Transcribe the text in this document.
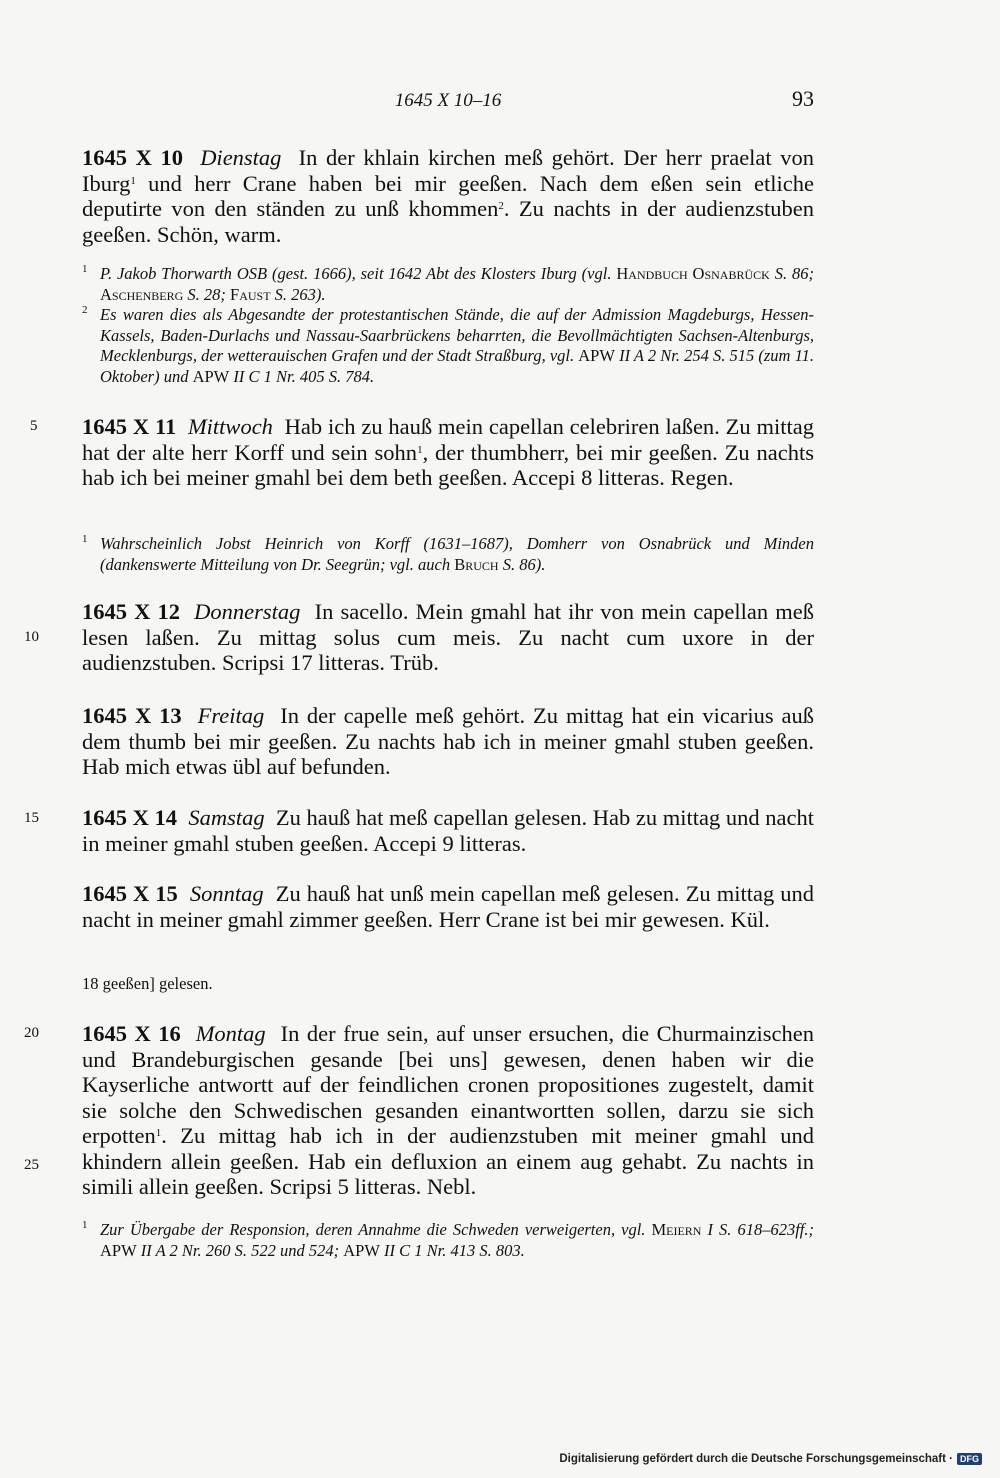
1645 X 10–16	93

1645 X 10 Dienstag In der khlain kirchen meß gehört. Der herr praelat von Iburg$^1$ und herr Crane haben bei mir geeßen. Nach dem eßen sein etliche deputirte von den ständen zu unß khommen$^2$. Zu nachts in der audienzstuben geeßen. Schön, warm.

1 P. Jakob Thorwarth OSB (gest. 1666), seit 1642 Abt des Klosters Iburg (vgl. Handbuch Osnabrück S. 86; Aschenberg S. 28; Faust S. 263).
2 Es waren dies als Abgesandte der protestantischen Stände, die auf der Admission Magdeburgs, Hessen-Kassels, Baden-Durlachs und Nassau-Saarbrückens beharrten, die Bevollmächtigten Sachsen-Altenburgs, Mecklenburgs, der wetterauischen Grafen und der Stadt Straßburg, vgl. APW II A 2 Nr. 254 S. 515 (zum 11. Oktober) und APW II C 1 Nr. 405 S. 784.

1645 X 11 Mittwoch Hab ich zu hauß mein capellan celebriren laßen. Zu mittag hat der alte herr Korff und sein sohn$^1$, der thumbherr, bei mir geeßen. Zu nachts hab ich bei meiner gmahl bei dem beth geeßen. Accepi 8 litteras. Regen.

1 Wahrscheinlich Jobst Heinrich von Korff (1631–1687), Domherr von Osnabrück und Minden (dankenswerte Mitteilung von Dr. Seegrün; vgl. auch Bruch S. 86).

1645 X 12 Donnerstag In sacello. Mein gmahl hat ihr von mein capellan meß lesen laßen. Zu mittag solus cum meis. Zu nacht cum uxore in der audienzstuben. Scripsi 17 litteras. Trüb.

1645 X 13 Freitag In der capelle meß gehört. Zu mittag hat ein vicarius auß dem thumb bei mir geeßen. Zu nachts hab ich in meiner gmahl stuben geeßen. Hab mich etwas übl auf befunden.

1645 X 14 Samstag Zu hauß hat meß capellan gelesen. Hab zu mittag und nacht in meiner gmahl stuben geeßen. Accepi 9 litteras.

1645 X 15 Sonntag Zu hauß hat unß mein capellan meß gelesen. Zu mittag und nacht in meiner gmahl zimmer geeßen. Herr Crane ist bei mir gewesen. Kül.

18 geeßen] gelesen.

1645 X 16 Montag In der frue sein, auf unser ersuchen, die Churmainzischen und Brandeburgischen gesande [bei uns] gewesen, denen haben wir die Kayserliche antwortt auf der feindlichen cronen propositiones zugestelt, damit sie solche den Schwedischen gesanden einantwortten sollen, darzu sie sich erpotten$^1$. Zu mittag hab ich in der audienzstuben mit meiner gmahl und khindern allein geeßen. Hab ein defluxion an einem aug gehabt. Zu nachts in simili allein geeßen. Scripsi 5 litteras. Nebl.

1 Zur Übergabe der Responsion, deren Annahme die Schweden verweigerten, vgl. Meiern I S. 618–623ff.; APW II A 2 Nr. 260 S. 522 und 524; APW II C 1 Nr. 413 S. 803.
5
10
15
20
25
Digitalisierung gefördert durch die Deutsche Forschungsgemeinschaft · DFG
